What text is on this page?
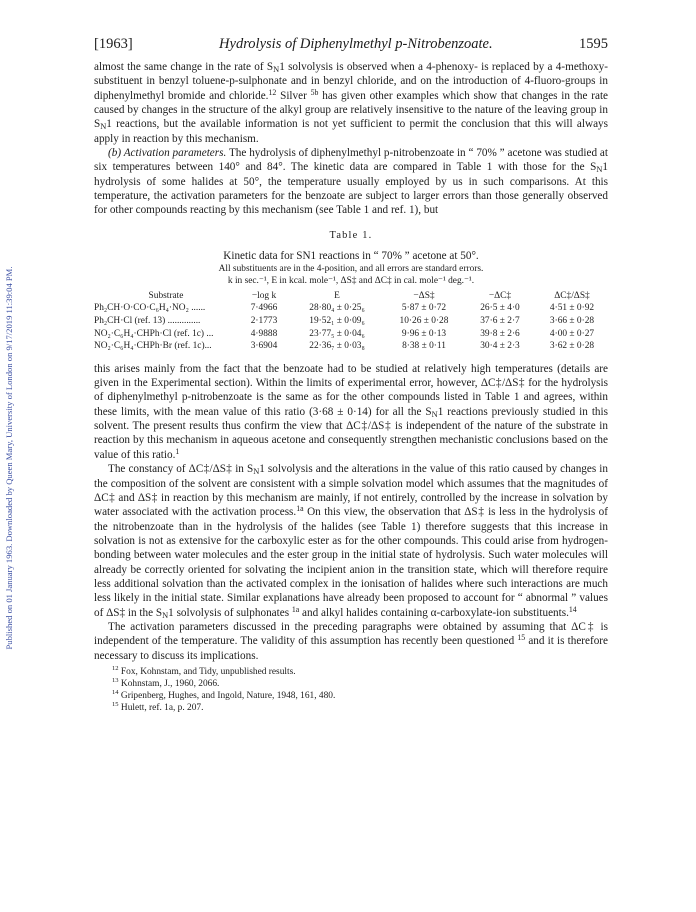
Published on 01 January 1963. Downloaded by Queen Mary, University of London on 9/17/2019 11:39:04 PM.
[1963]	Hydrolysis of Diphenylmethyl p-Nitrobenzoate.	1595

almost the same change in the rate of $S_N1$ solvolysis is observed when a 4-phenoxy- is replaced by a 4-methoxy-substituent in benzyl toluene-p-sulphonate and in benzyl chloride, and on the introduction of 4-fluoro-groups in diphenylmethyl bromide and chloride.$^{12}$ Silver $^{5b}$ has given other examples which show that changes in the rate caused by changes in the structure of the alkyl group are relatively insensitive to the nature of the leaving group in $S_N1$ reactions, but the available information is not yet sufficient to permit the conclusion that this will always apply in reaction by this mechanism.

(b) Activation parameters. The hydrolysis of diphenylmethyl p-nitrobenzoate in “ 70% ” acetone was studied at six temperatures between 140° and 84°. The kinetic data are compared in Table 1 with those for the $S_N1$ hydrolysis of some halides at 50°, the temperature usually employed by us in such comparisons. At this temperature, the activation parameters for the benzoate are subject to larger errors than those generally observed for other compounds reacting by this mechanism (see Table 1 and ref. 1), but

Table 1.
Kinetic data for SN1 reactions in “ 70% ” acetone at 50°.
All substituents are in the 4-position, and all errors are standard errors.
k in sec.⁻¹, E in kcal. mole⁻¹, ΔS‡ and ΔC‡ in cal. mole⁻¹ deg.⁻¹.
Substrate	−log k	E	−ΔS‡	−ΔC‡	ΔC‡/ΔS‡
Ph₂CH·O·CO·C₆H₄·NO₂ ......	7·4966	28·80₄ ± 0·25₆	5·87 ± 0·72	26·5 ± 4·0	4·51 ± 0·92
Ph₂CH·Cl (ref. 13) ..............	2·1773	19·52₁ ± 0·09₆	10·26 ± 0·28	37·6 ± 2·7	3·66 ± 0·28
NO₂·C₆H₄·CHPh·Cl (ref. 1c) ...	4·9888	23·77₅ ± 0·04₆	9·96 ± 0·13	39·8 ± 2·6	4·00 ± 0·27
NO₂·C₆H₄·CHPh·Br (ref. 1c)...	3·6904	22·36₇ ± 0·03₈	8·38 ± 0·11	30·4 ± 2·3	3·62 ± 0·28

this arises mainly from the fact that the benzoate had to be studied at relatively high temperatures (details are given in the Experimental section). Within the limits of experimental error, however, ΔC‡/ΔS‡ for the hydrolysis of diphenylmethyl p-nitrobenzoate is the same as for the other compounds listed in Table 1 and agrees, within these limits, with the mean value of this ratio (3·68 ± 0·14) for all the $S_N1$ reactions previously studied in this solvent. The present results thus confirm the view that ΔC‡/ΔS‡ is independent of the nature of the substrate in reaction by this mechanism in aqueous acetone and consequently strengthen mechanistic conclusions based on the value of this ratio.$^1$

The constancy of ΔC‡/ΔS‡ in $S_N1$ solvolysis and the alterations in the value of this ratio caused by changes in the composition of the solvent are consistent with a simple solvation model which assumes that the magnitudes of ΔC‡ and ΔS‡ in reaction by this mechanism are mainly, if not entirely, controlled by the increase in solvation by water associated with the activation process.$^{1a}$ On this view, the observation that ΔS‡ is less in the hydrolysis of the nitrobenzoate than in the hydrolysis of the halides (see Table 1) therefore suggests that this increase in solvation is not as extensive for the carboxylic ester as for the other compounds. This could arise from hydrogen-bonding between water molecules and the ester group in the initial state of hydrolysis. Such water molecules will already be correctly oriented for solvating the incipient anion in the transition state, which will therefore require less additional solvation than the activated complex in the ionisation of halides where such interactions are much less likely in the initial state. Similar explanations have already been proposed to account for “ abnormal ” values of ΔS‡ in the $S_N1$ solvolysis of sulphonates $^{1a}$ and alkyl halides containing α-carboxylate-ion substituents.$^{14}$

The activation parameters discussed in the preceding paragraphs were obtained by assuming that ΔC‡ is independent of the temperature. The validity of this assumption has recently been questioned $^{15}$ and it is therefore necessary to discuss its implications.

$^{12}$ Fox, Kohnstam, and Tidy, unpublished results.
$^{13}$ Kohnstam, J., 1960, 2066.
$^{14}$ Gripenberg, Hughes, and Ingold, Nature, 1948, 161, 480.
$^{15}$ Hulett, ref. 1a, p. 207.
